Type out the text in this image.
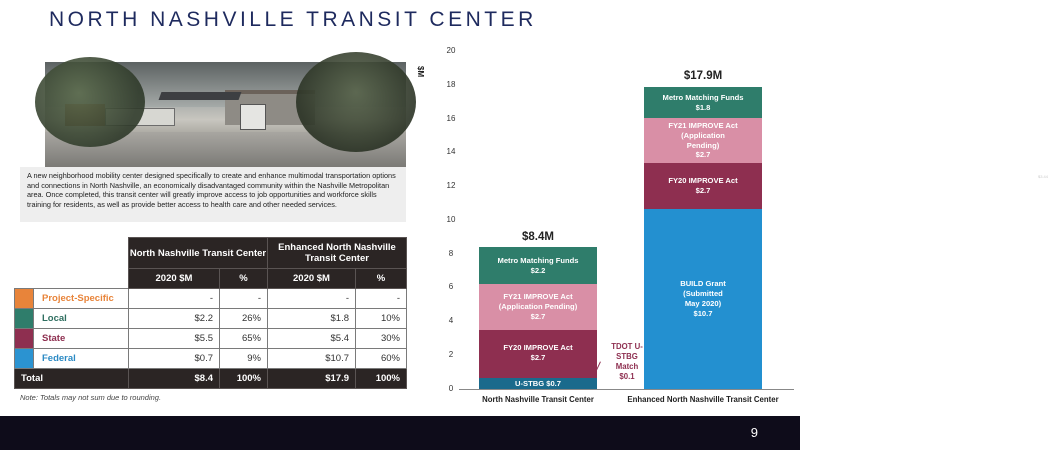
NORTH NASHVILLE TRANSIT CENTER
A new neighborhood mobility center designed specifically to create and enhance multimodal transportation options and connections in North Nashville, an economically disadvantaged community within the Nashville Metropolitan area. Once completed, this transit center will greatly improve access to job opportunities and workforce skills training for residents, as well as provide better access to health care and other needed services.
		North Nashville Transit Center		Enhanced North Nashville Transit Center	
		2020 $M	%	2020 $M	%
	Project-Specific	-	-	-	-
	Local	$2.2	26%	$1.8	10%
	State	$5.5	65%	$5.4	30%
	Federal	$0.7	9%	$10.7	60%
Total		$8.4	100%	$17.9	100%
Note: Totals may not sum due to rounding.
$M
20
18
16
14
12
10
8
6
4
2
0
$3.44
$8.4M
Metro Matching Funds
$2.2
FY21 IMPROVE Act
(Application Pending)
$2.7
FY20 IMPROVE Act
$2.7
U-STBG $0.7
TDOT U-
STBG
Match
$0.1
$17.9M
Metro Matching Funds
$1.8
FY21 IMPROVE Act
(Application
Pending)
$2.7
FY20 IMPROVE Act
$2.7
BUILD Grant
(Submitted
May 2020)
$10.7
North Nashville Transit Center	Enhanced North Nashville Transit Center
9
